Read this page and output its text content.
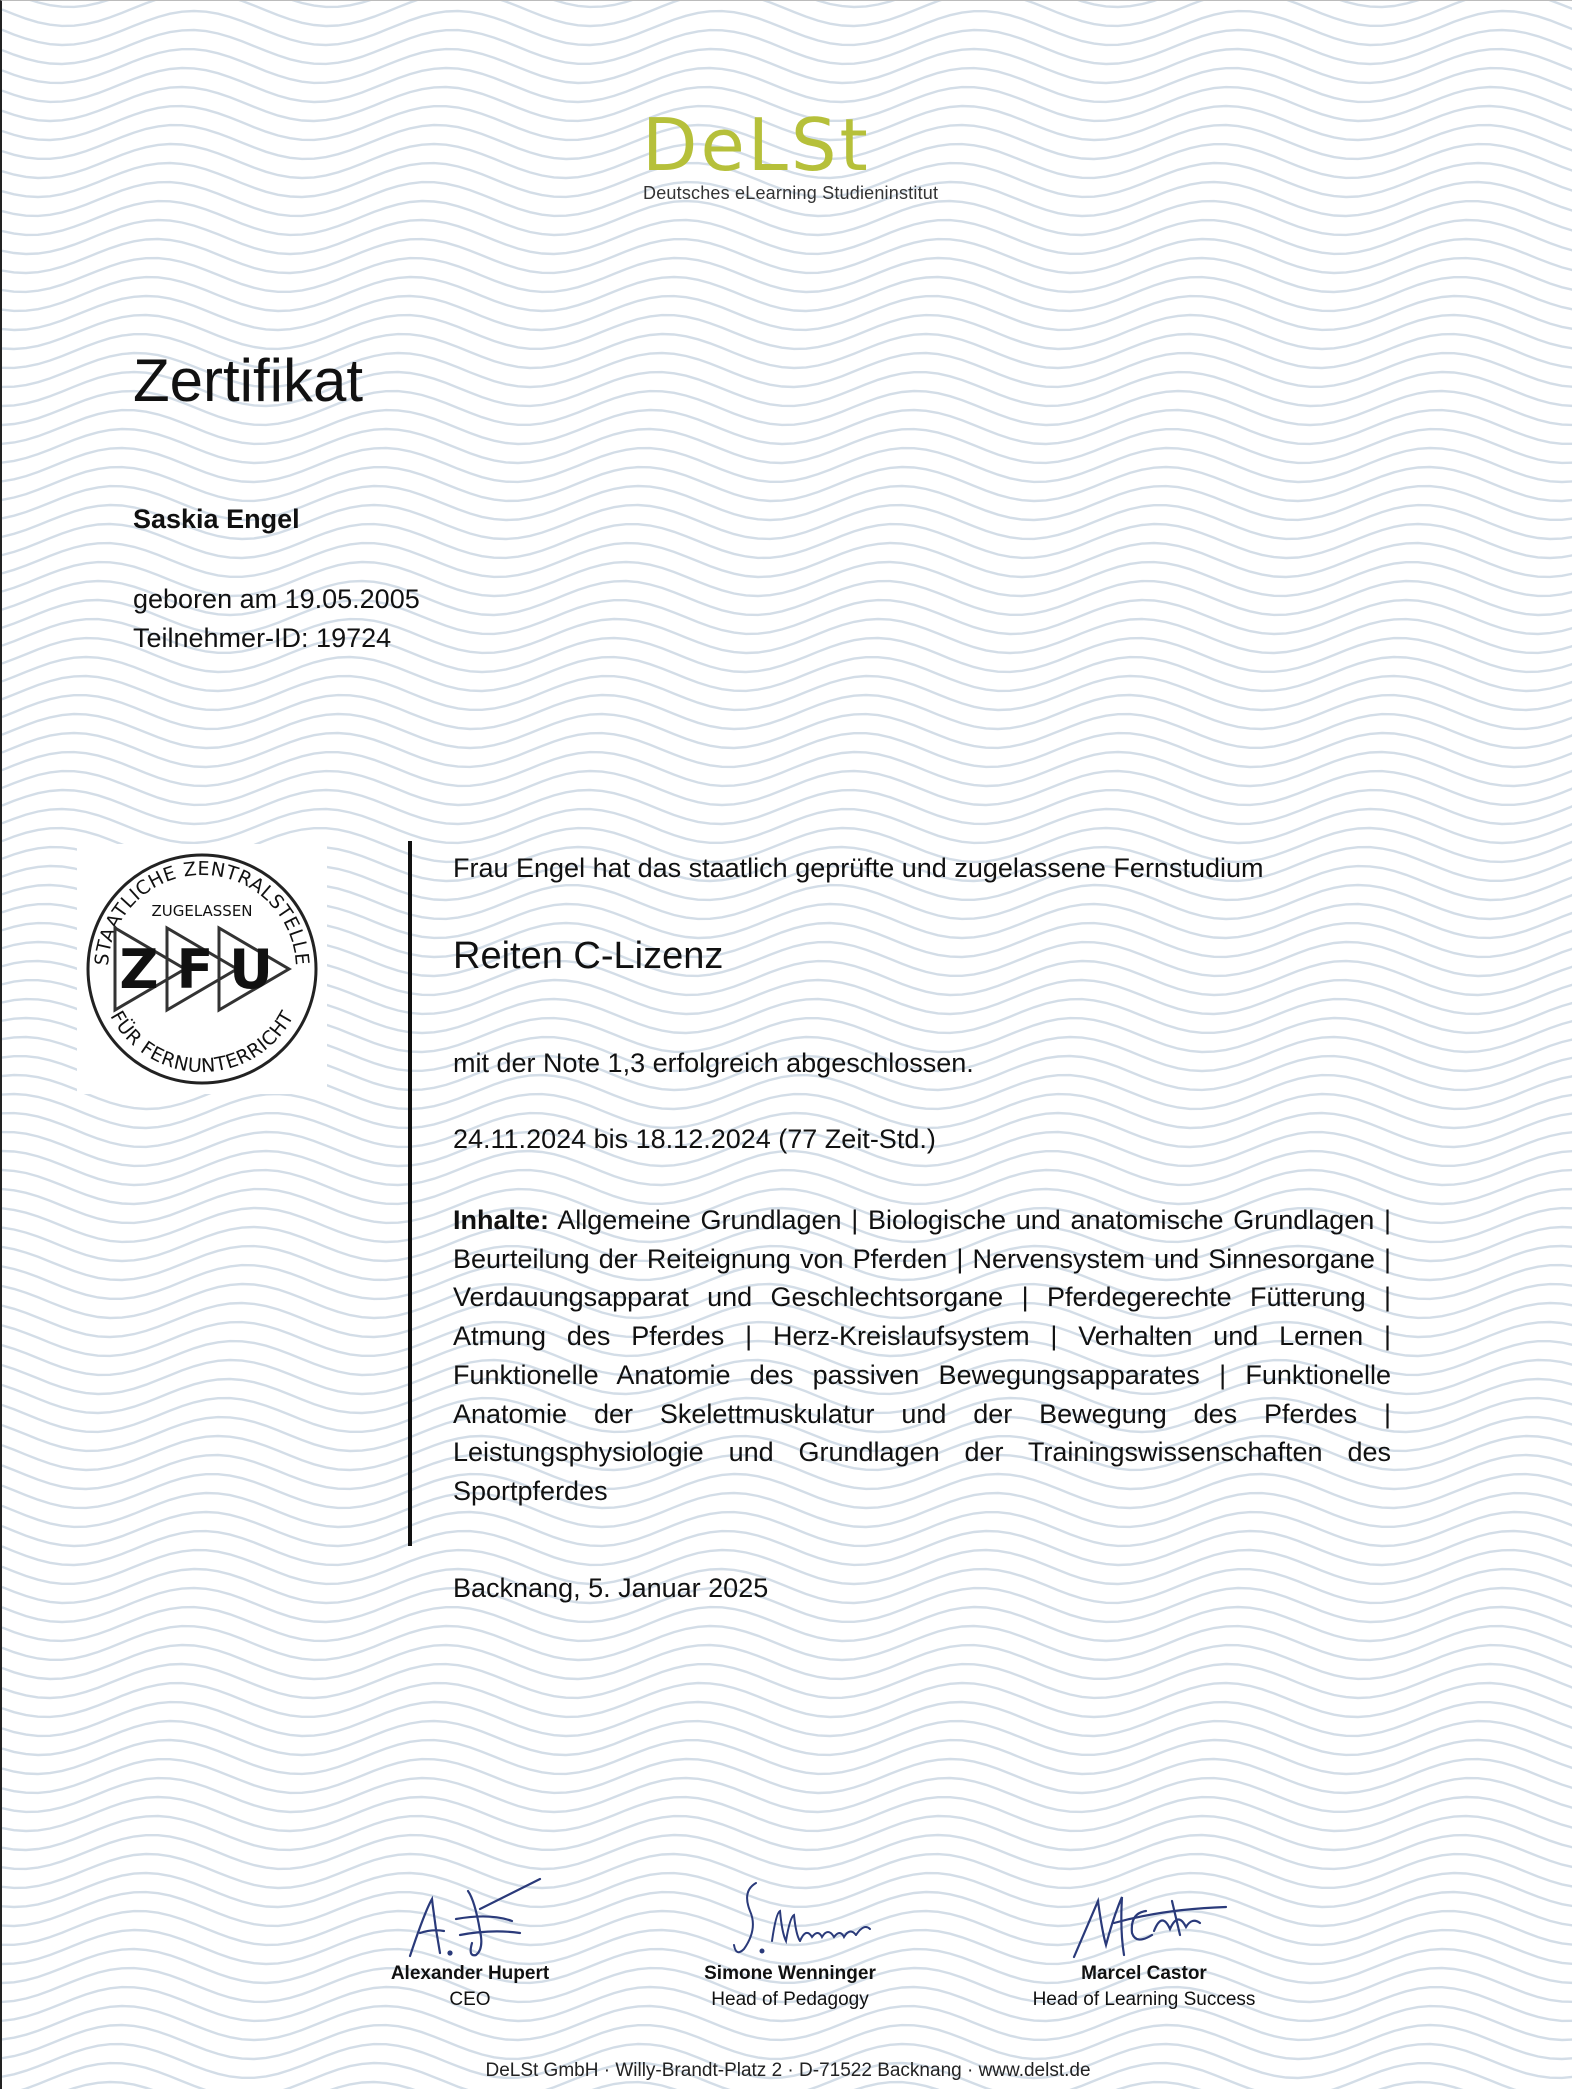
DeLSt
Deutsches eLearning Studieninstitut
Zertifikat
Saskia Engel
geboren am 19.05.2005
Teilnehmer-ID: 19724
STAATLICHE ZENTRALSTELLE
FÜR FERNUNTERRICHT
ZUGELASSEN
Z F U
Frau Engel hat das staatlich geprüfte und zugelassene Fernstudium
Reiten C-Lizenz
mit der Note 1,3 erfolgreich abgeschlossen.
24.11.2024 bis 18.12.2024 (77 Zeit-Std.)
Inhalte: Allgemeine Grundlagen | Biologische und anatomische Grundlagen | Beurteilung der Reiteignung von Pferden | Nervensystem und Sinnesorgane | Verdauungsapparat und Geschlechtsorgane | Pferdegerechte Fütterung | Atmung des Pferdes | Herz-Kreislaufsystem | Verhalten und Lernen | Funktionelle Anatomie des passiven Bewegungsapparates | Funktionelle Anatomie der Skelettmuskulatur und der Bewegung des Pferdes | Leistungsphysiologie und Grundlagen der Trainingswissenschaften des Sportpferdes
Backnang, 5. Januar 2025
Alexander Hupert
CEO
Simone Wenninger
Head of Pedagogy
Marcel Castor
Head of Learning Success
DeLSt GmbH · Willy-Brandt-Platz 2 · D-71522 Backnang · www.delst.de
